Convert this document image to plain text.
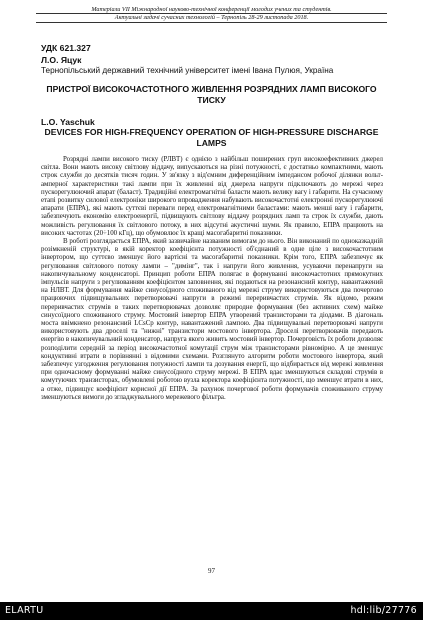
Матеріали VІІ Міжнародної науково-технічної конференції молодих учених та студентів.
Актуальні задачі сучасних технологій – Тернопіль 28-29 листопада 2018.
УДК 621.327
Л.О. Яцук
Тернопільський державний технічний університет імені Івана Пулюя, Україна
ПРИСТРОЇ ВИСОКОЧАСТОТНОГО ЖИВЛЕННЯ РОЗРЯДНИХ ЛАМП ВИСОКОГО ТИСКУ
L.O. Yaschuk
DEVICES FOR HIGH-FREQUENCY OPERATION OF HIGH-PRESSURE DISCHARGE LAMPS

Розрядні лампи високого тиску (РЛВТ) є однією з найбільш поширених груп високоефективних джерел світла. Вони мають високу світлову віддачу, випускаються на різні потужності, є достатньо компактними, мають строк служби до десятків тисяч годин. У зв'язку з від'ємним диференційним імпедансом робочої ділянки вольт-амперної характеристики такі лампи при їх живленні від джерела напруги підключають до мережі через пускорегулюючий апарат (баласт). Традиційні електромагнітні баласти мають велику вагу і габарити. На сучасному етапі розвитку силової електроніки широкого впровадження набувають високочастотні електронні пускорегулюючі апарати (ЕПРА), які мають суттєві переваги перед електромагнітними баластами: мають менші вагу і габарити, забезпечують економію електроенергії, підвищують світлову віддачу розрядних ламп та строк їх служби, дають можливість регулювання їх світлового потоку, в них відсутні акустичні шуми. Як правило, ЕПРА працюють на високих частотах (20÷100 кГц), що обумовлює їх кращі масогабаритні показники.

В роботі розглядається ЕПРА, який зазвичайне названим вимогам до нього. Він виконаний по одноказкадній розімкненій структурі, в якій коректор коефіцієнта потужності об'єднаний в одне ціле з високочастотним інвертором, що суттєво зменшує його вартісні та масогабаритні показники. Крім того, ЕПРА забезпечує як регулювання світлового потоку лампи – "димінг", так і напруги його живлення, усуваючи перенапруги на накопичувальному конденсаторі. Принцип роботи ЕПРА полягає в формуванні високочастотних прямокутних імпульсів напруги з регулюванням коефіцієнтом заповнення, які подаються на резонансний контур, навантажений на НЛВТ. Для формування майже синусоїдного споживаного від мережі струму використовуються два почергово працюючих підвищувальних перетворювачі напруги в режимі переривчастих струмів. Як відомо, режим переривчастих струмів в таких перетворювачах дозволяє природне формування (без активних схем) майже синусоїдного споживаного струму. Мостовий інвертор ЕПРА утворений транзисторами та діодами. В діагональ моста ввімкнено резонансний LCsCp контур, навантажений лампою. Два підвищувальні перетворювачі напруги використовують два дроселі та "нижні" транзистори мостового інвертора. Дроселі перетворювачів передають енергію в накопичувальний конденсатор, напруга якого живить мостовий інвертор. Почерговість їх роботи дозволяє розподілити середній за період високочастотної комутації струм між транзисторами рівномірно. А це зменшує кондуктивні втрати в порівнянні з відомими схемами. Розглянуто алгоритм роботи мостового інвертора, який забезпечує узгодження регулювання потужності лампи та дозування енергії, що відбирається від мережі живлення при одночасному формуванні майже синусоїдного струму мережі. В ЕПРА вдає зменшуються складові струмів в комутуючих транзисторах, обумовлені роботою вузла коректора коефіцієнта потужності, що зменшує втрати в них, а отже, підвищує коефіцієнт корисної дії ЕПРА. За рахунок почергової роботи формувачів споживаного струму зменшуються вимоги до згладжувального мережевого фільтра.

97
ELARTU	hdl:lib/27776
